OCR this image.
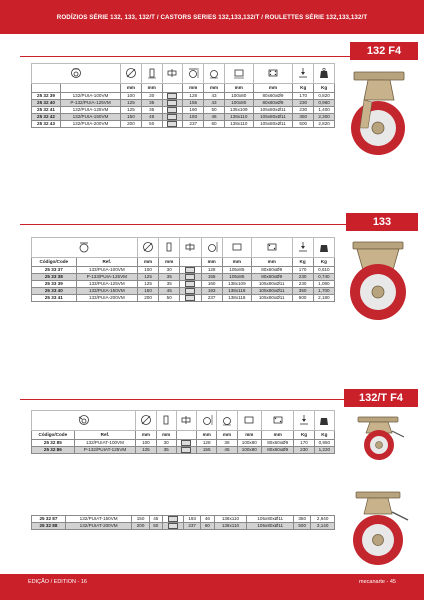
RODÍZIOS SÉRIE 132, 133, 132/T / CASTORS SERIES 132,133,132/T / ROULETTES SÉRIE 132,133,132/T
132 F4

		mm	mm		mm	mm	mm	mm	Kg	Kg
25 32 39	132/PUIA-100VM	100	30		128	43	100x80	80x60xØ9	170	0,820
25 32 40	P-132/PUIA-125VM	125	35		155	43	100x80	80x60xØ9	230	0,960
25 32 41	132/PUIA-125VM	125	35		160	50	135x109	105x80xØ11	230	1,400
25 32 42	132/PUIA-150VM	150	45		193	46	138x110	105x80xØ11	350	2,300
25 32 43	132/PUIA-200VM	200	50		237	60	138x110	105x80xØ11	500	2,820
133

Código/Code	Ref.	mm	mm		mm	mm	mm	Kg	Kg
25 33 37	133/PUIA-100VM	100	30		128	105x85	80x60xØ9	170	0,610
25 33 38	P-133/PUIA-125VM	125	35		155	105x85	80x60xØ9	230	0,740
25 33 39	133/PUIA-125VM	125	35		160	138x109	105x80xØ11	230	1,080
25 33 40	133/PUIA-150VM	150	45		193	138x118	105x80xØ11	350	1,700
25 33 41	133/PUIA-200VM	200	50		237	138x118	105x80xØ11	500	2,180
132/T F4

Código/Code	Ref.	mm	mm		mm	mm	mm	mm	Kg	Kg
25 32 85	132/PUIAT-100VM	100	30		128	38	100x80	80x60xØ9	170	0,950
25 32 86	P-132/PUIAT-125VM	125	35		155	45	100x80	80x60xØ9	230	1,220
25 32 87	132/PUIAT-150VM	150	45		193	46	138x110	105x80xØ11	350	2,640
25 32 88	132/PUIAT-200VM	200	50		237	60	138x110	105x80xØ11	500	3,140
EDIÇÃO / EDITION - 16	mecanarte - 45
